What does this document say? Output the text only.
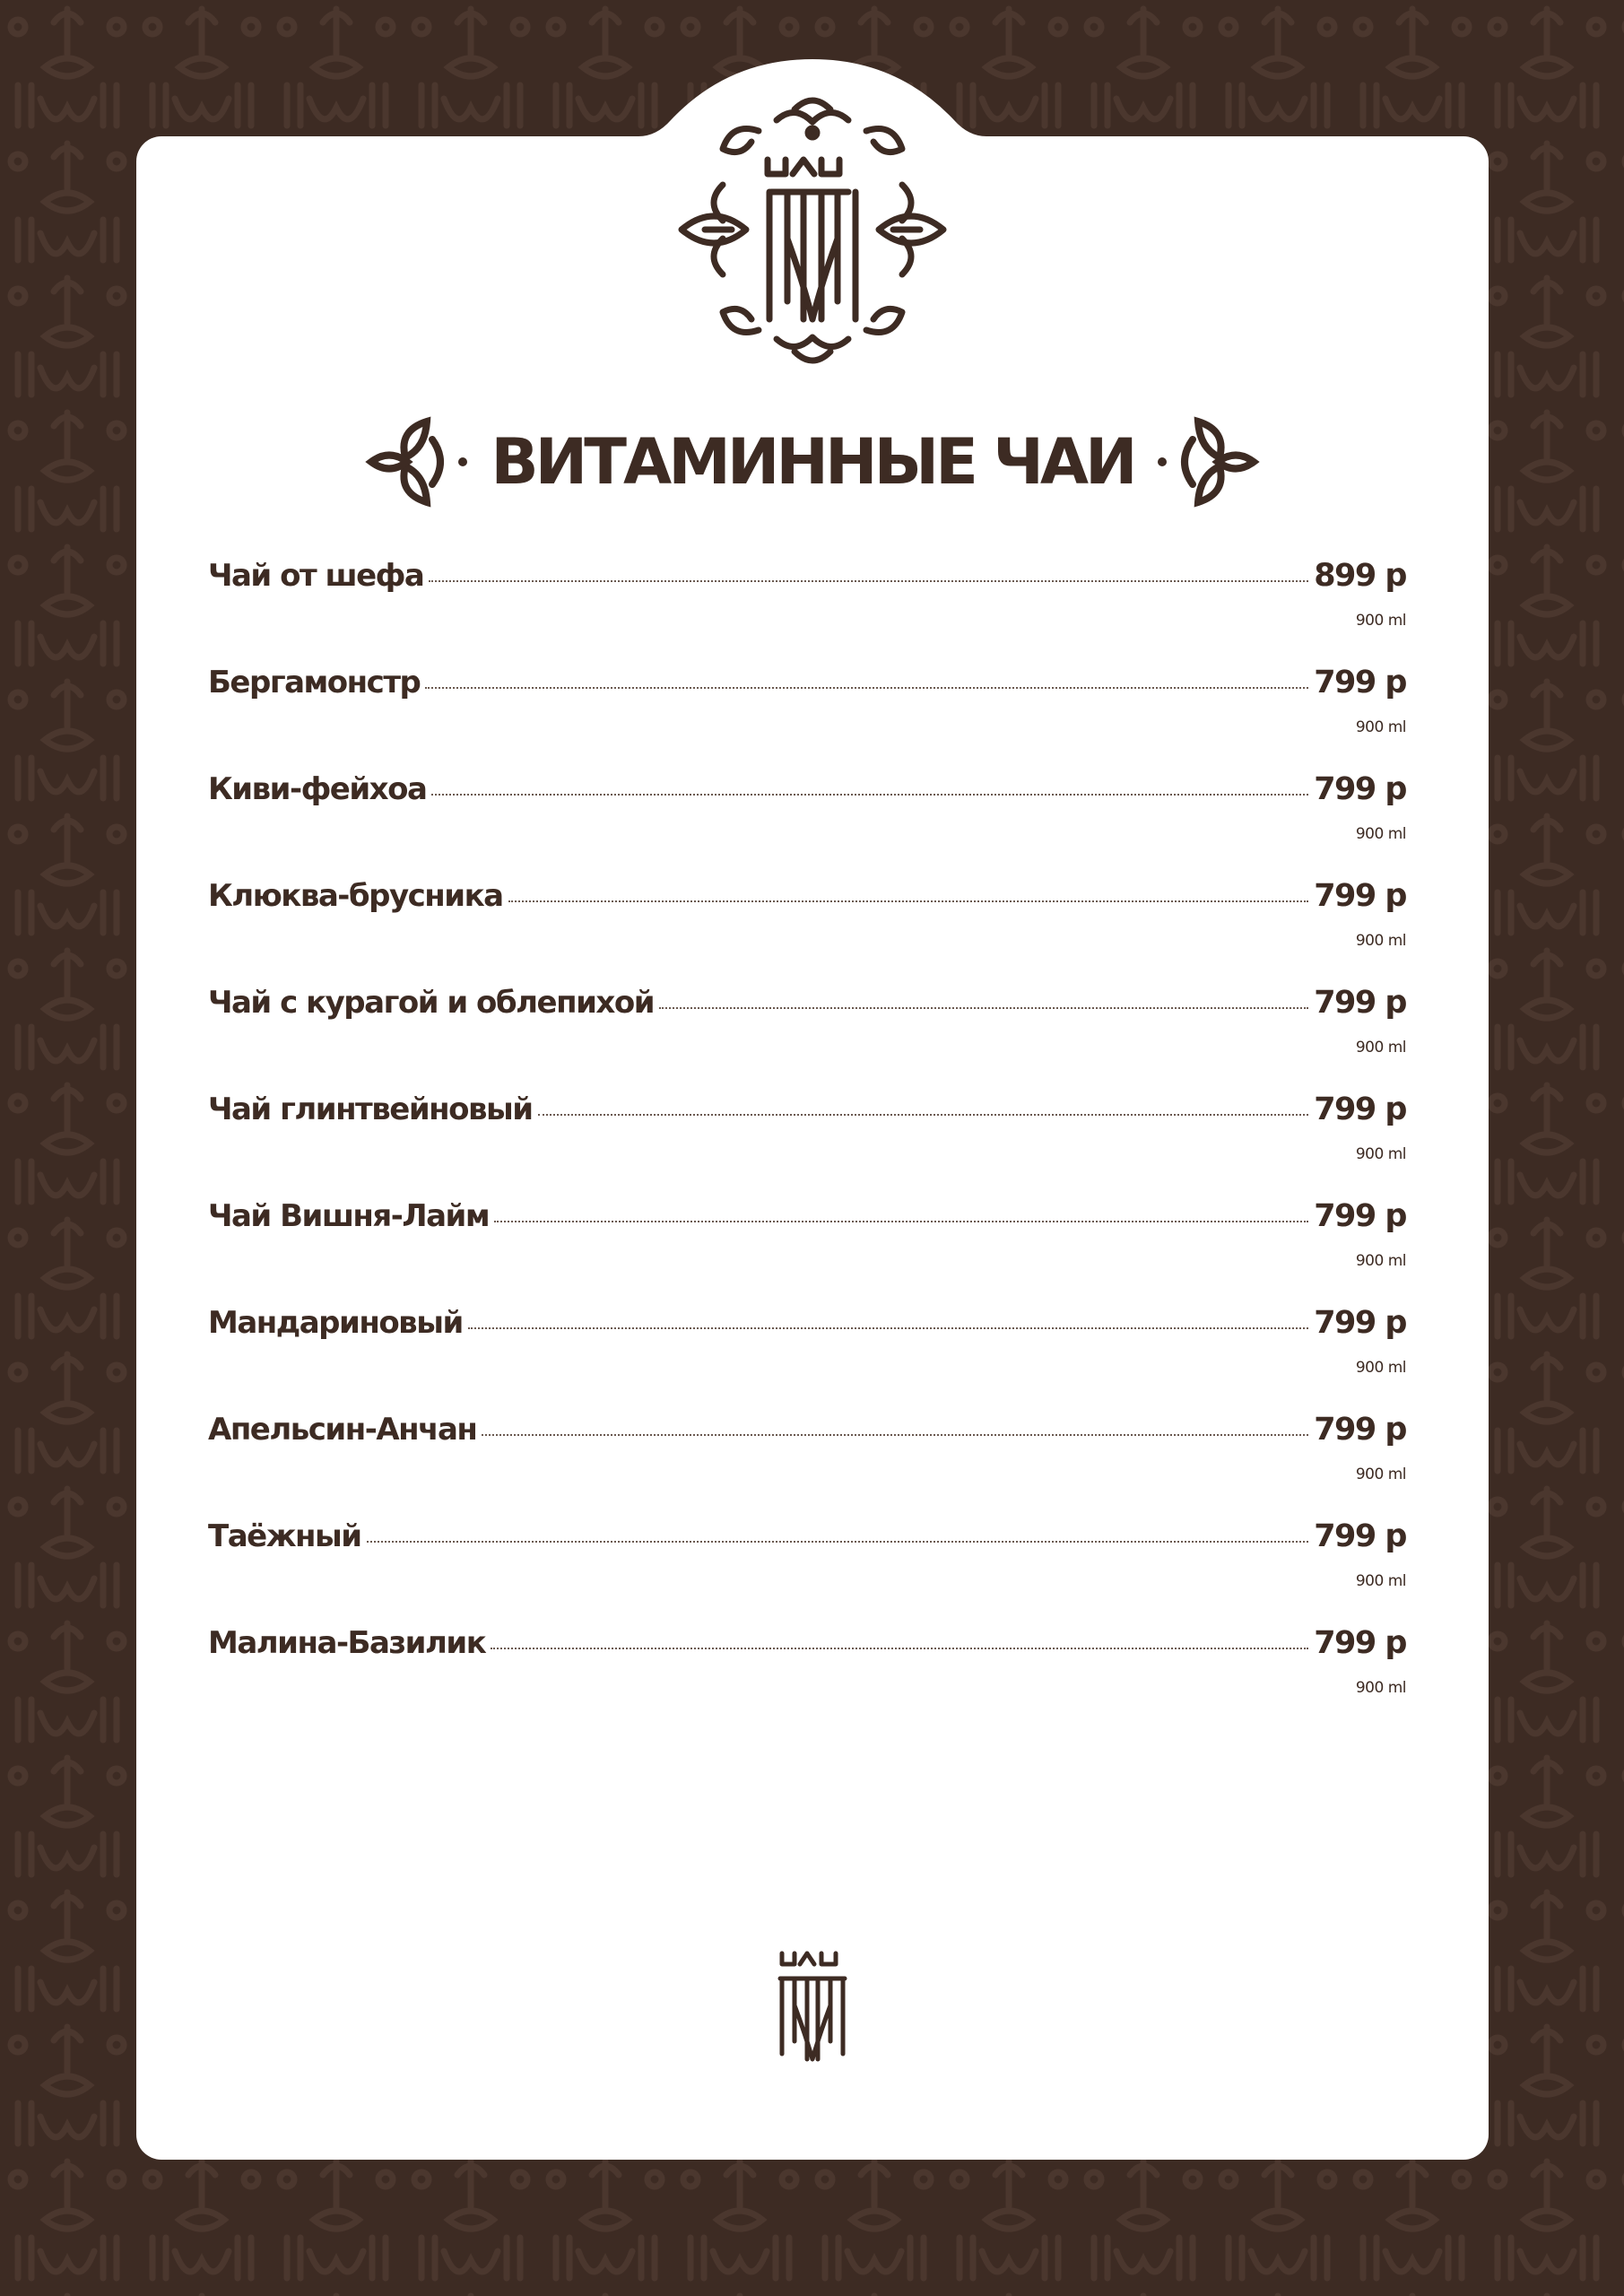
ВИТАМИННЫЕ ЧАИ
Чай от шефа	899 р
900 ml
Бергамонстр	799 р
900 ml
Киви-фейхоа	799 р
900 ml
Клюква-брусника	799 р
900 ml
Чай с курагой и облепихой	799 р
900 ml
Чай глинтвейновый	799 р
900 ml
Чай Вишня-Лайм	799 р
900 ml
Мандариновый	799 р
900 ml
Апельсин-Анчан	799 р
900 ml
Таёжный	799 р
900 ml
Малина-Базилик	799 р
900 ml
